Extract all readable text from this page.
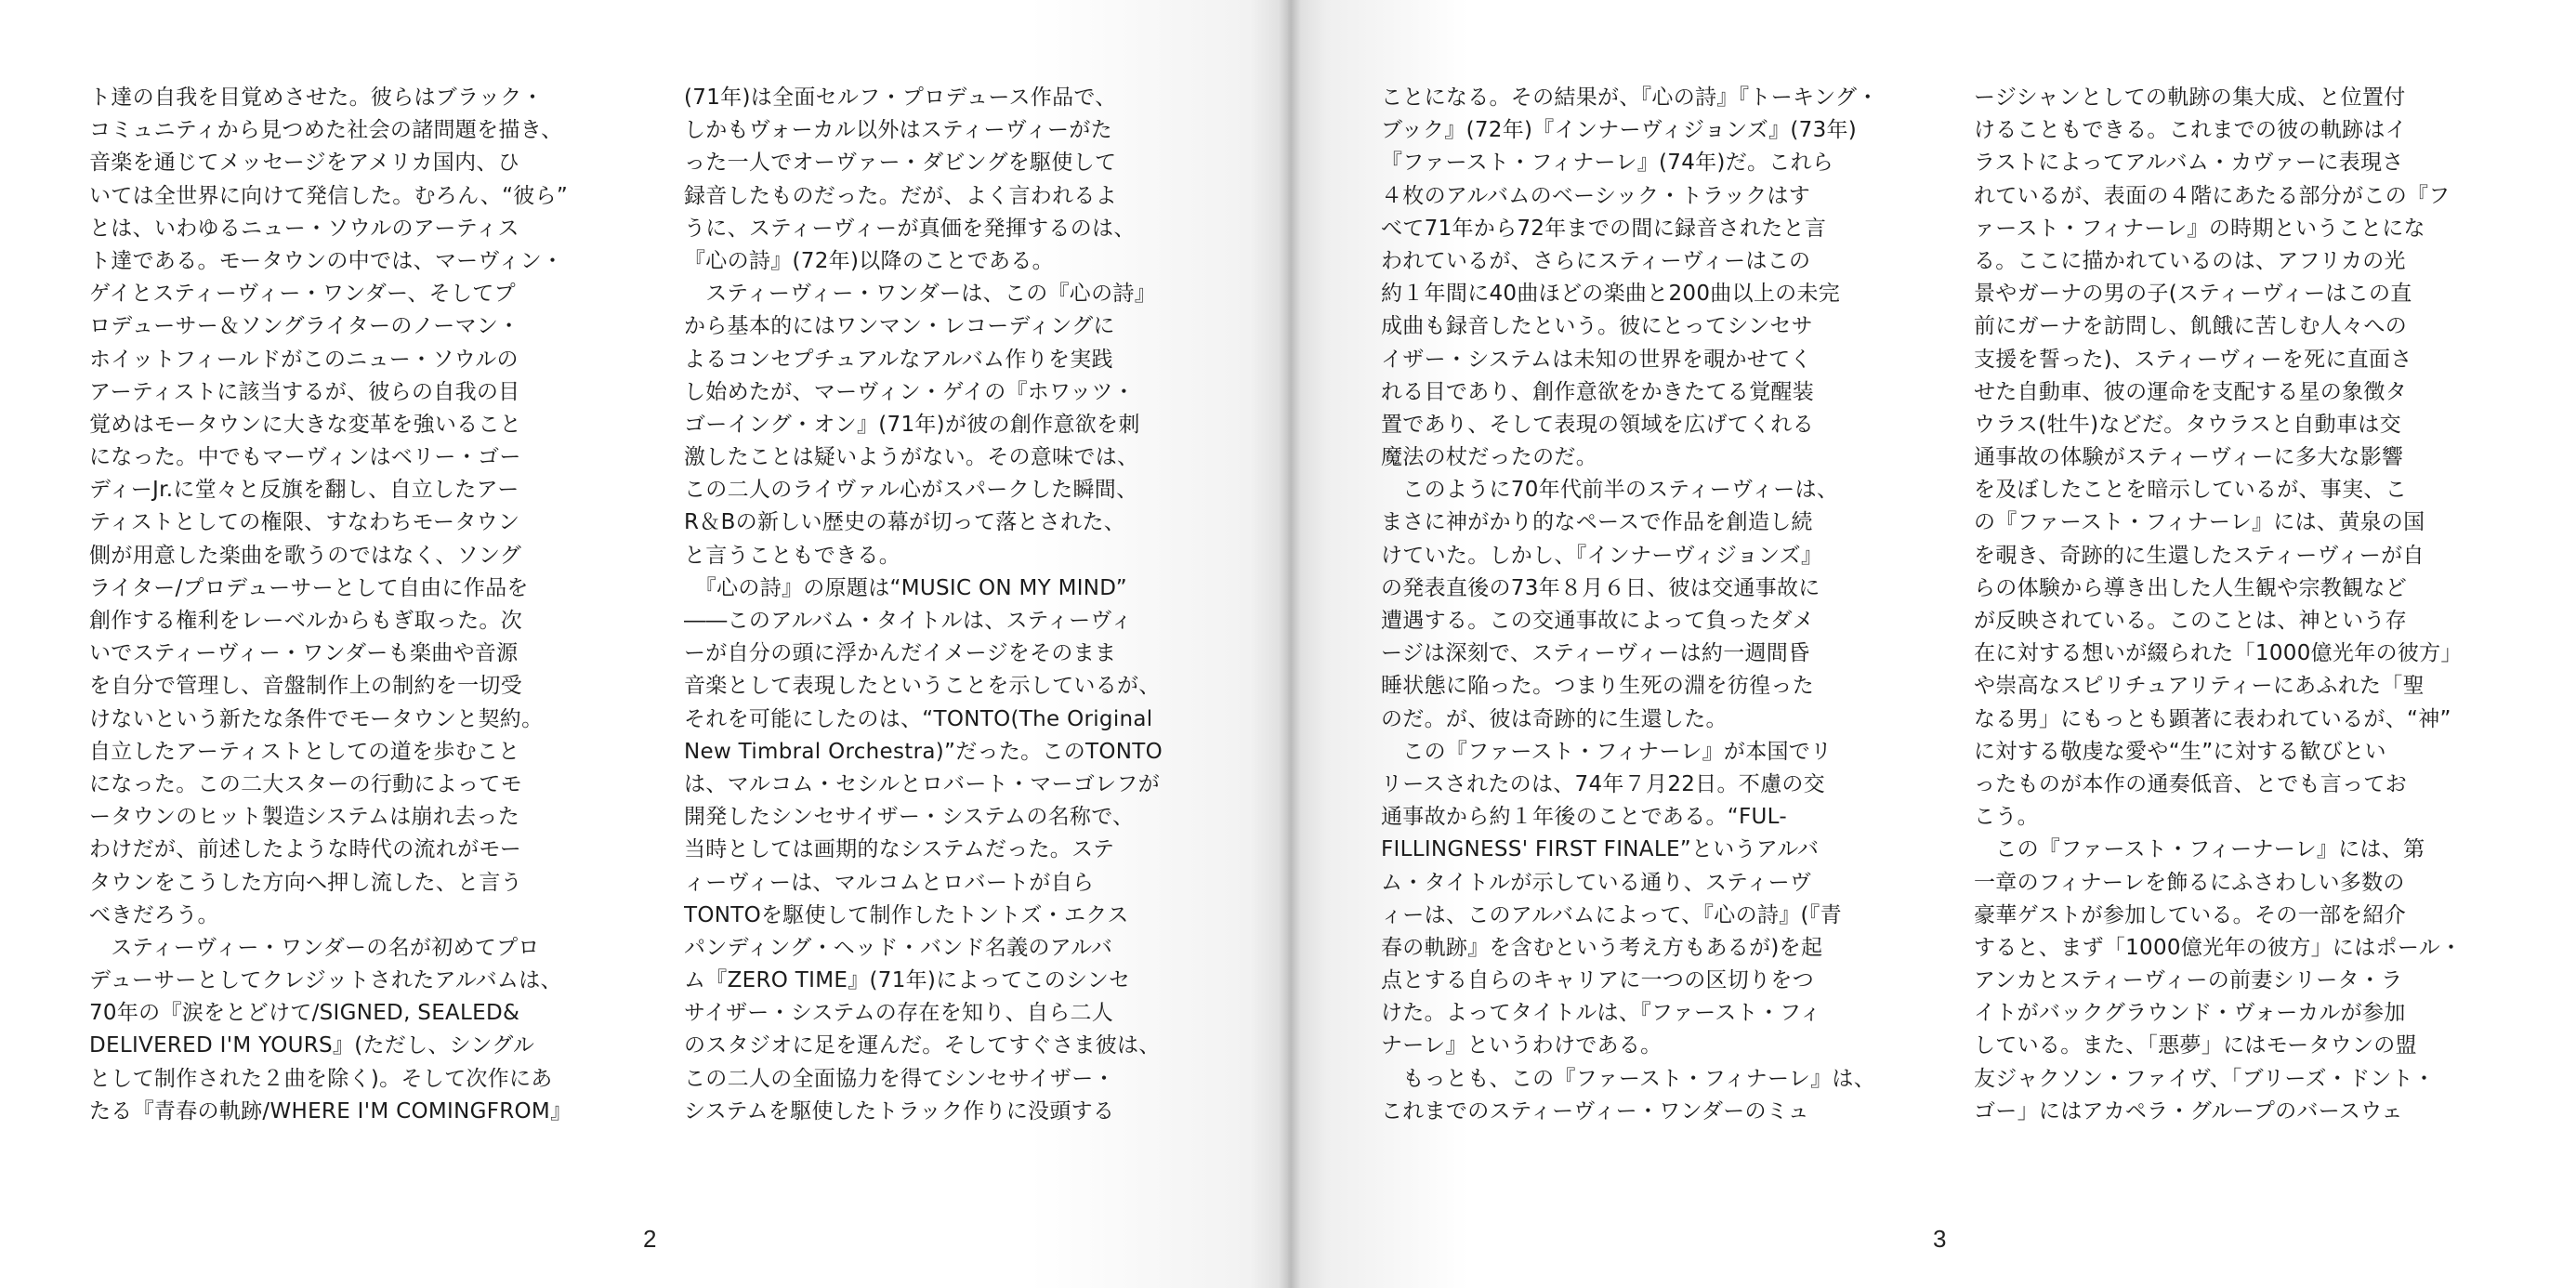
ト達の自我を目覚めさせた。彼らはブラック・
コミュニティから見つめた社会の諸問題を描き、
音楽を通じてメッセージをアメリカ国内、ひ
いては全世界に向けて発信した。むろん、“彼ら”
とは、いわゆるニュー・ソウルのアーティス
ト達である。モータウンの中では、マーヴィン・
ゲイとスティーヴィー・ワンダー、そしてプ
ロデューサー＆ソングライターのノーマン・
ホイットフィールドがこのニュー・ソウルの
アーティストに該当するが、彼らの自我の目
覚めはモータウンに大きな変革を強いること
になった。中でもマーヴィンはベリー・ゴー
ディーJr.に堂々と反旗を翻し、自立したアー
ティストとしての権限、すなわちモータウン
側が用意した楽曲を歌うのではなく、ソング
ライター/プロデューサーとして自由に作品を
創作する権利をレーベルからもぎ取った。次
いでスティーヴィー・ワンダーも楽曲や音源
を自分で管理し、音盤制作上の制約を一切受
けないという新たな条件でモータウンと契約。
自立したアーティストとしての道を歩むこと
になった。この二大スターの行動によってモ
ータウンのヒット製造システムは崩れ去った
わけだが、前述したような時代の流れがモー
タウンをこうした方向へ押し流した、と言う
べきだろう。
　スティーヴィー・ワンダーの名が初めてプロ
デューサーとしてクレジットされたアルバムは、
70年の『涙をとどけて/SIGNED, SEALED&
DELIVERED I'M YOURS』(ただし、シングル
として制作された２曲を除く)。そして次作にあ
たる『青春の軌跡/WHERE I'M COMINGFROM』
(71年)は全面セルフ・プロデュース作品で、
しかもヴォーカル以外はスティーヴィーがた
った一人でオーヴァー・ダビングを駆使して
録音したものだった。だが、よく言われるよ
うに、スティーヴィーが真価を発揮するのは、
『心の詩』(72年)以降のことである。
　スティーヴィー・ワンダーは、この『心の詩』
から基本的にはワンマン・レコーディングに
よるコンセプチュアルなアルバム作りを実践
し始めたが、マーヴィン・ゲイの『ホワッツ・
ゴーイング・オン』(71年)が彼の創作意欲を刺
激したことは疑いようがない。その意味では、
この二人のライヴァル心がスパークした瞬間、
R＆Bの新しい歴史の幕が切って落とされた、
と言うこともできる。
　『心の詩』の原題は“MUSIC ON MY MIND”
――このアルバム・タイトルは、スティーヴィ
ーが自分の頭に浮かんだイメージをそのまま
音楽として表現したということを示しているが、
それを可能にしたのは、“TONTO(The Original
New Timbral Orchestra)”だった。このTONTO
は、マルコム・セシルとロバート・マーゴレフが
開発したシンセサイザー・システムの名称で、
当時としては画期的なシステムだった。ステ
ィーヴィーは、マルコムとロバートが自ら
TONTOを駆使して制作したトントズ・エクス
パンディング・ヘッド・バンド名義のアルバ
ム『ZERO TIME』(71年)によってこのシンセ
サイザー・システムの存在を知り、自ら二人
のスタジオに足を運んだ。そしてすぐさま彼は、
この二人の全面協力を得てシンセサイザー・
システムを駆使したトラック作りに没頭する
2
ことになる。その結果が、『心の詩』『トーキング・
ブック』(72年)『インナーヴィジョンズ』(73年)
『ファースト・フィナーレ』(74年)だ。これら
４枚のアルバムのベーシック・トラックはす
べて71年から72年までの間に録音されたと言
われているが、さらにスティーヴィーはこの
約１年間に40曲ほどの楽曲と200曲以上の未完
成曲も録音したという。彼にとってシンセサ
イザー・システムは未知の世界を覗かせてく
れる目であり、創作意欲をかきたてる覚醒装
置であり、そして表現の領域を広げてくれる
魔法の杖だったのだ。
　このように70年代前半のスティーヴィーは、
まさに神がかり的なペースで作品を創造し続
けていた。しかし、『インナーヴィジョンズ』
の発表直後の73年８月６日、彼は交通事故に
遭遇する。この交通事故によって負ったダメ
ージは深刻で、スティーヴィーは約一週間昏
睡状態に陥った。つまり生死の淵を彷徨った
のだ。が、彼は奇跡的に生還した。
　この『ファースト・フィナーレ』が本国でリ
リースされたのは、74年７月22日。不慮の交
通事故から約１年後のことである。“FUL-
FILLINGNESS' FIRST FINALE”というアルバ
ム・タイトルが示している通り、スティーヴ
ィーは、このアルバムによって、『心の詩』(『青
春の軌跡』を含むという考え方もあるが)を起
点とする自らのキャリアに一つの区切りをつ
けた。よってタイトルは、『ファースト・フィ
ナーレ』というわけである。
　もっとも、この『ファースト・フィナーレ』は、
これまでのスティーヴィー・ワンダーのミュ
ージシャンとしての軌跡の集大成、と位置付
けることもできる。これまでの彼の軌跡はイ
ラストによってアルバム・カヴァーに表現さ
れているが、表面の４階にあたる部分がこの『フ
ァースト・フィナーレ』の時期ということにな
る。ここに描かれているのは、アフリカの光
景やガーナの男の子(スティーヴィーはこの直
前にガーナを訪問し、飢餓に苦しむ人々への
支援を誓った)、スティーヴィーを死に直面さ
せた自動車、彼の運命を支配する星の象徴タ
ウラス(牡牛)などだ。タウラスと自動車は交
通事故の体験がスティーヴィーに多大な影響
を及ぼしたことを暗示しているが、事実、こ
の『ファースト・フィナーレ』には、黄泉の国
を覗き、奇跡的に生還したスティーヴィーが自
らの体験から導き出した人生観や宗教観など
が反映されている。このことは、神という存
在に対する想いが綴られた「1000億光年の彼方」
や崇高なスピリチュアリティーにあふれた「聖
なる男」にもっとも顕著に表われているが、“神”
に対する敬虔な愛や“生”に対する歓びとい
ったものが本作の通奏低音、とでも言ってお
こう。
　この『ファースト・フィーナーレ』には、第
一章のフィナーレを飾るにふさわしい多数の
豪華ゲストが参加している。その一部を紹介
すると、まず「1000億光年の彼方」にはポール・
アンカとスティーヴィーの前妻シリータ・ラ
イトがバックグラウンド・ヴォーカルが参加
している。また、「悪夢」にはモータウンの盟
友ジャクソン・ファイヴ、「ブリーズ・ドント・
ゴー」にはアカペラ・グループのバースウェ
3
